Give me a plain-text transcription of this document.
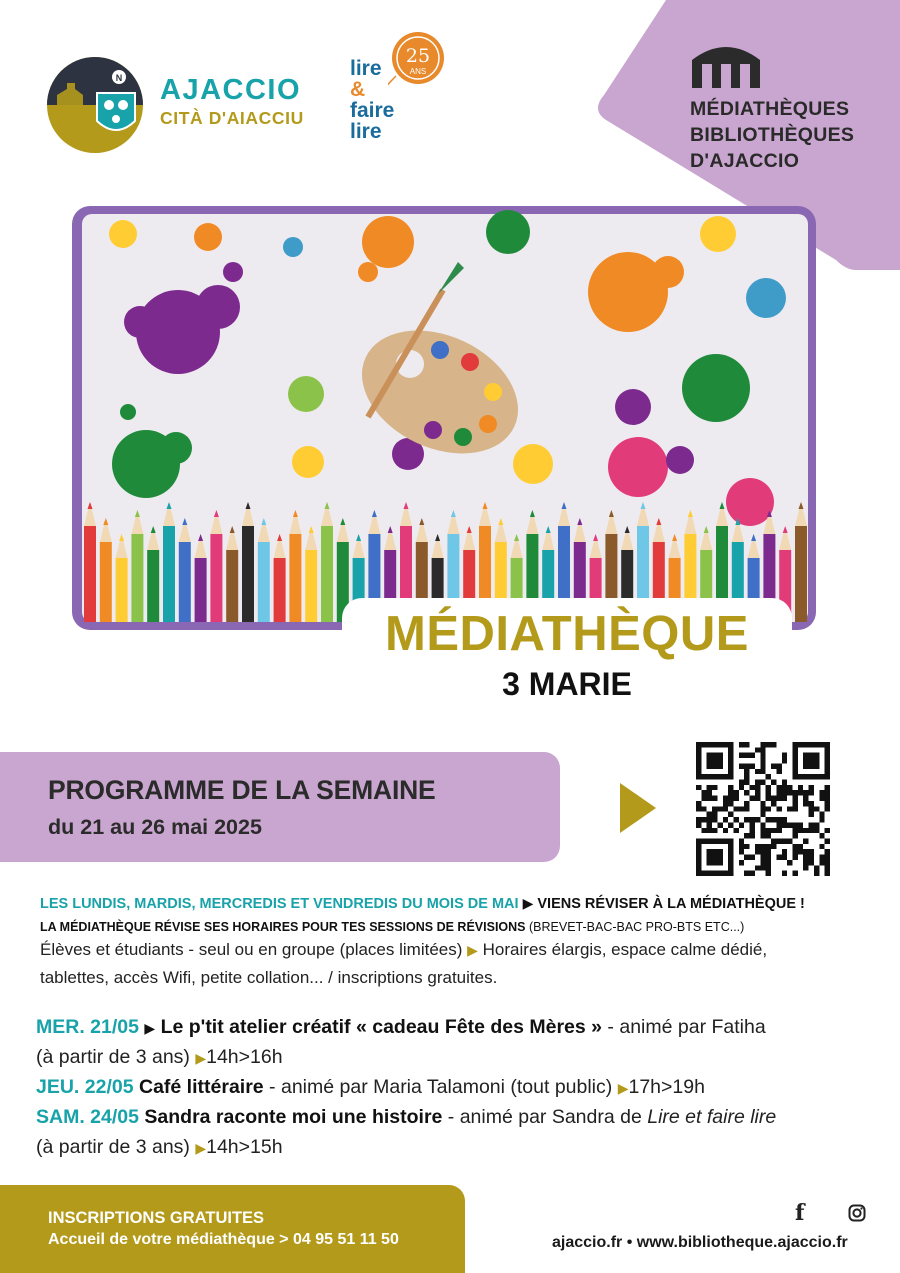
N AJACCIO
CITÀ D'AIACCIU
25
ANS
lire
&
faire
lire
MÉDIATHÈQUES
BIBLIOTHÈQUES
D'AJACCIO
MÉDIATHÈQUE
3 MARIE
PROGRAMME DE LA SEMAINE
du 21 au 26 mai 2025
LES LUNDIS, MARDIS, MERCREDIS ET VENDREDIS DU MOIS DE MAI ▶ VIENS RÉVISER À LA MÉDIATHÈQUE !
LA MÉDIATHÈQUE RÉVISE SES HORAIRES POUR TES SESSIONS DE RÉVISIONS (BREVET-BAC-BAC PRO-BTS ETC...)
Élèves et étudiants - seul ou en groupe (places limitées) ▶ Horaires élargis, espace calme dédié,
tablettes, accès Wifi, petite collation... / inscriptions gratuites.
MER. 21/05 ▶ Le p'tit atelier créatif « cadeau Fête des Mères » - animé par Fatiha
(à partir de 3 ans) ▶14h>16h
JEU. 22/05 Café littéraire - animé par Maria Talamoni (tout public) ▶17h>19h
SAM. 24/05 Sandra raconte moi une histoire - animé par Sandra de Lire et faire lire
(à partir de 3 ans) ▶14h>15h
INSCRIPTIONS GRATUITES
Accueil de votre médiathèque > 04 95 51 11 50
f
ajaccio.fr • www.bibliotheque.ajaccio.fr
